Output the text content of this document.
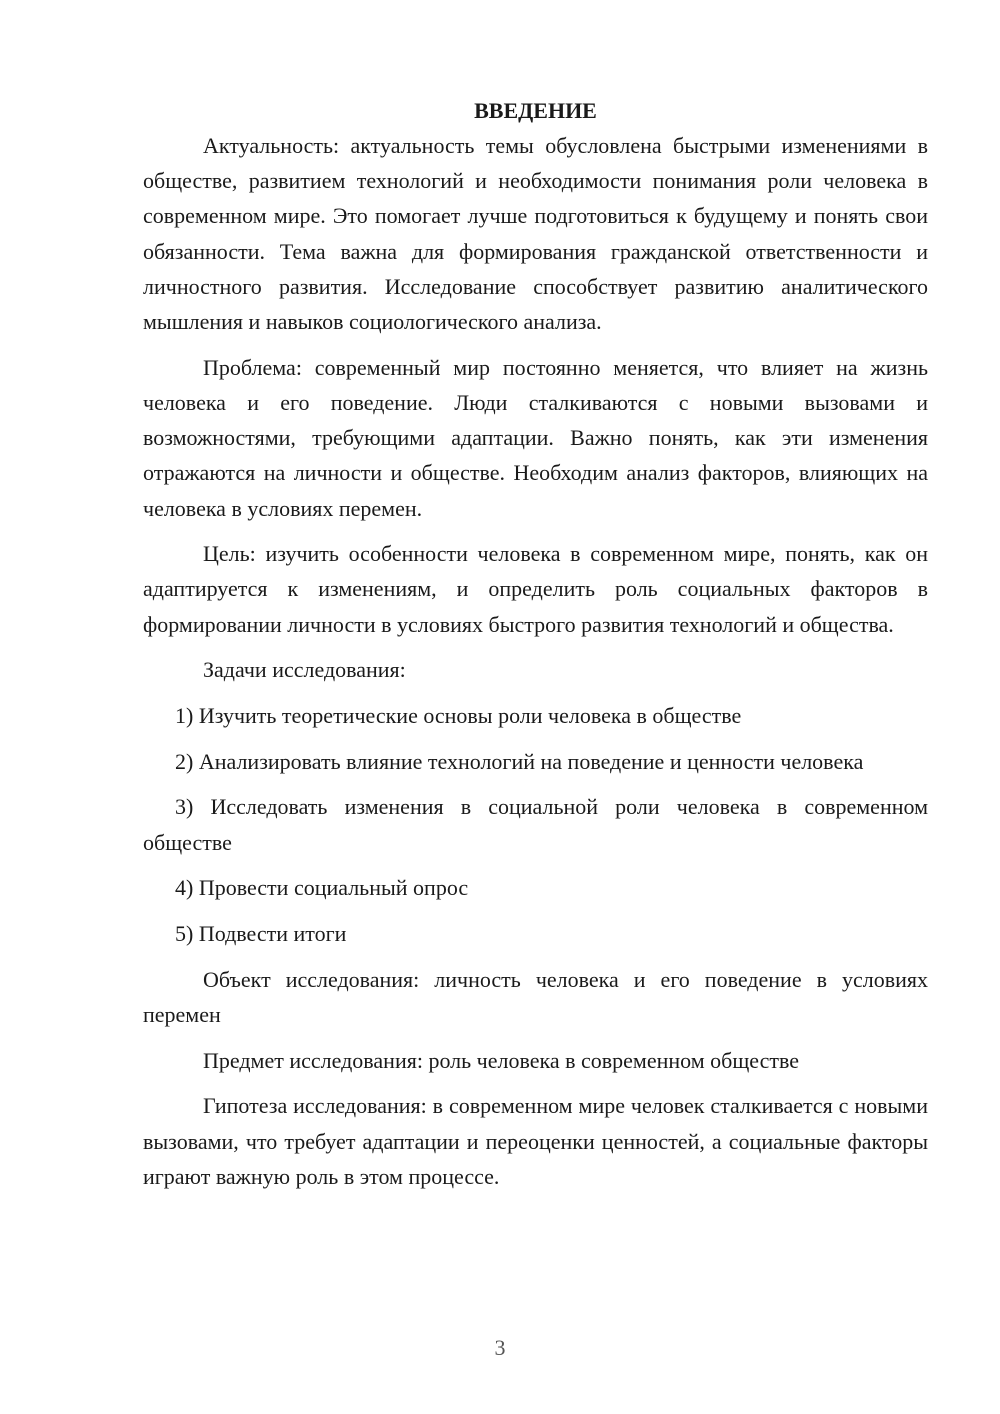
ВВЕДЕНИЕ

Актуальность: актуальность темы обусловлена быстрыми изменениями в обществе, развитием технологий и необходимости понимания роли человека в современном мире. Это помогает лучше подготовиться к будущему и понять свои обязанности. Тема важна для формирования гражданской ответственности и личностного развития. Исследование способствует развитию аналитического мышления и навыков социологического анализа.

Проблема: современный мир постоянно меняется, что влияет на жизнь человека и его поведение. Люди сталкиваются с новыми вызовами и возможностями, требующими адаптации. Важно понять, как эти изменения отражаются на личности и обществе. Необходим анализ факторов, влияющих на человека в условиях перемен.

Цель: изучить особенности человека в современном мире, понять, как он адаптируется к изменениям, и определить роль социальных факторов в формировании личности в условиях быстрого развития технологий и общества.

Задачи исследования:

1) Изучить теоретические основы роли человека в обществе

2) Анализировать влияние технологий на поведение и ценности человека

3) Исследовать изменения в социальной роли человека в современном обществе

4) Провести социальный опрос

5) Подвести итоги

Объект исследования: личность человека и его поведение в условиях перемен

Предмет исследования: роль человека в современном обществе

Гипотеза исследования: в современном мире человек сталкивается с новыми вызовами, что требует адаптации и переоценки ценностей, а социальные факторы играют важную роль в этом процессе.

3
